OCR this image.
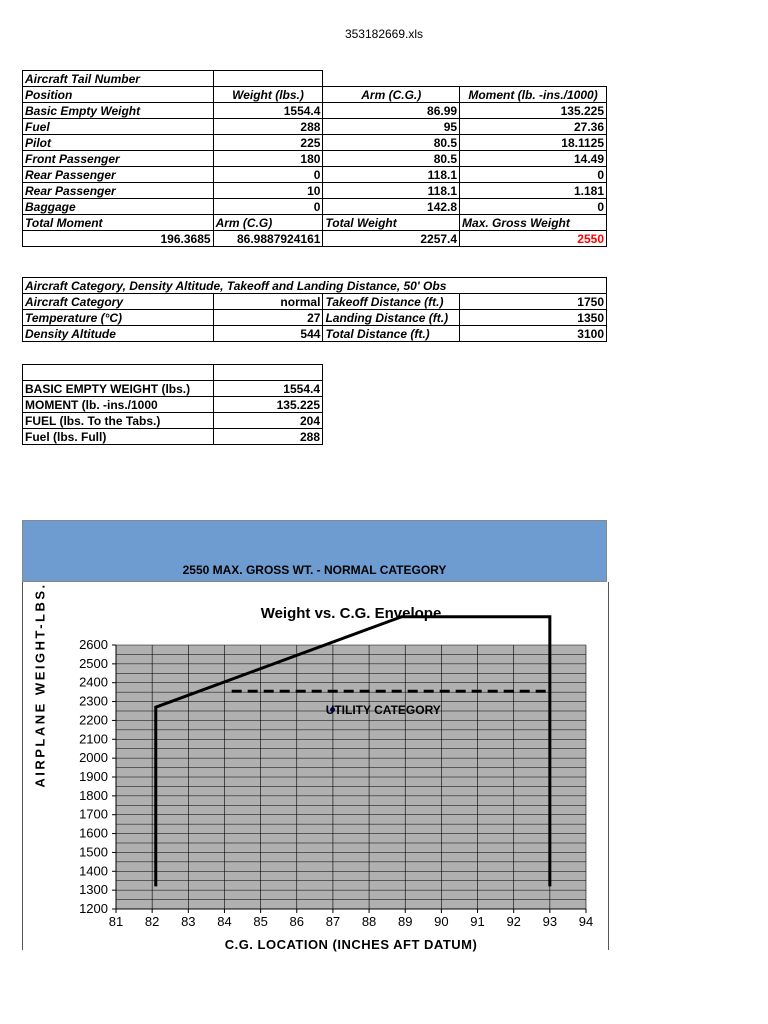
353182669.xls
Aircraft Tail Number			
Position	Weight (lbs.)	Arm (C.G.)	Moment (lb. -ins./1000)
Basic Empty Weight	1554.4	86.99	135.225
Fuel	288	95	27.36
Pilot	225	80.5	18.1125
Front Passenger	180	80.5	14.49
Rear Passenger	0	118.1	0
Rear Passenger	10	118.1	1.181
Baggage	0	142.8	0
Total Moment	Arm (C.G)	Total Weight	Max. Gross Weight
196.3685	86.9887924161	2257.4	2550
Aircraft Category, Density Altitude, Takeoff and Landing Distance, 50' Obs			
Aircraft Category	normal	Takeoff Distance (ft.)	1750
Temperature (°C)	27	Landing Distance (ft.)	1350
Density Altitude	544	Total Distance (ft.)	3100

BASIC EMPTY WEIGHT (lbs.)	1554.4
MOMENT (lb. -ins./1000	135.225
FUEL (lbs. To the Tabs.)	204
Fuel (lbs. Full)	288
2550 MAX. GROSS WT. - NORMAL CATEGORY
AIRPLANE WEIGHT-LBS.
81 82 83 84 85 86 87 88 89 90 91 92 93 94
1200
1300
1400
1500
1600
1700
1800
1900
2000
2100
2200
2300
2400
2500
2600
Weight vs. C.G. Envelope
C.G. LOCATION (INCHES AFT DATUM)
UTILITY CATEGORY
